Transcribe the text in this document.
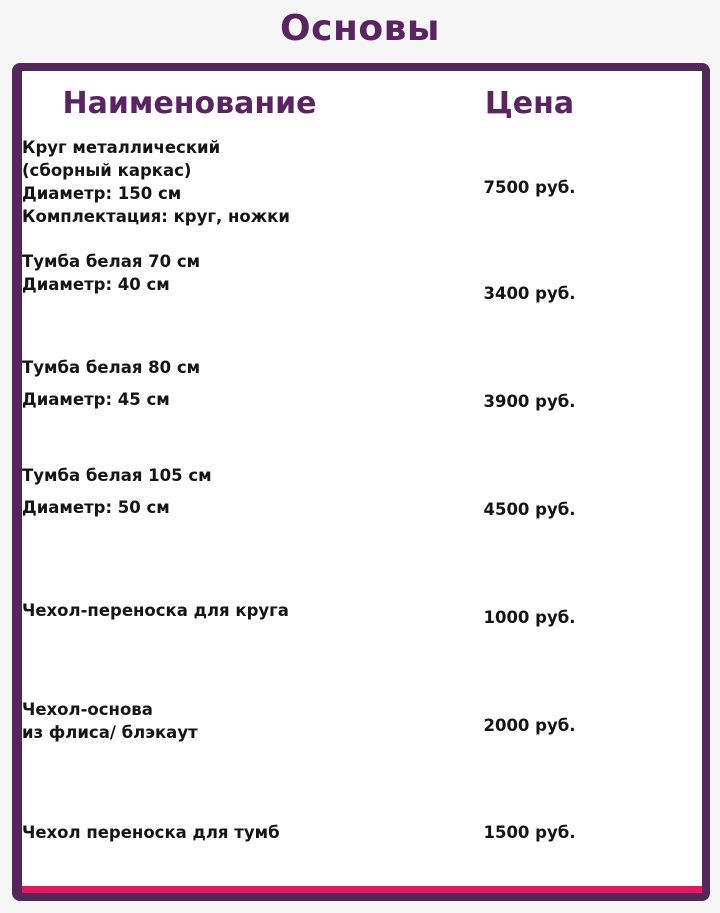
Основы
Наименование	Цена

Круг металлический
(сборный каркас)
Диаметр: 150 см
Комплектация: круг, ножки	7500 руб.

Тумба белая 70 см
Диаметр: 40 см	3400 руб.

Тумба белая 80 см
Диаметр: 45 см	3900 руб.

Тумба белая 105 см
Диаметр: 50 см	4500 руб.

Чехол-переноска для круга	1000 руб.

Чехол-основа
из флиса/ блэкаут	2000 руб.

Чехол переноска для тумб	1500 руб.
